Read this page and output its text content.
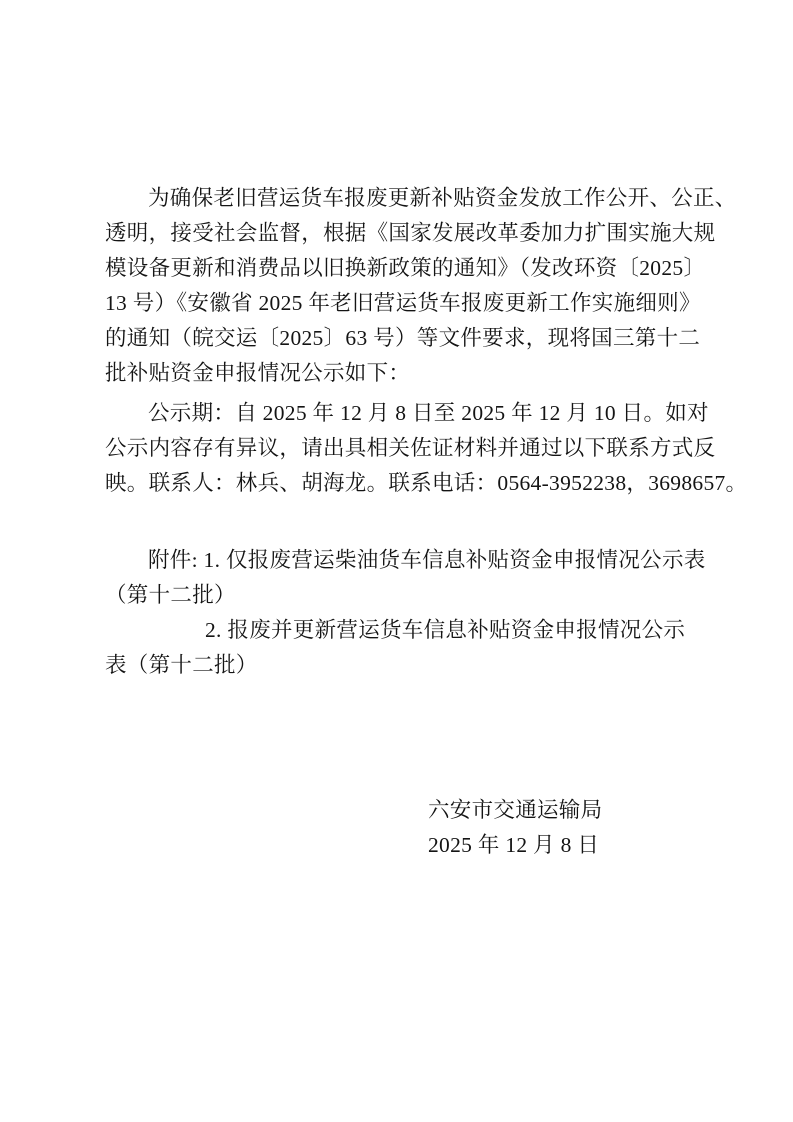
为确保老旧营运货车报废更新补贴资金发放工作公开、公正、
透明，接受社会监督，根据《国家发展改革委加力扩围实施大规
模设备更新和消费品以旧换新政策的通知》（发改环资〔2025〕
13 号）《安徽省 2025 年老旧营运货车报废更新工作实施细则》
的通知（皖交运〔2025〕63 号）等文件要求，现将国三第十二
批补贴资金申报情况公示如下：
公示期：自 2025 年 12 月 8 日至 2025 年 12 月 10 日。如对
公示内容存有异议，请出具相关佐证材料并通过以下联系方式反
映。联系人：林兵、胡海龙。联系电话：0564-3952238，3698657。
附件: 1. 仅报废营运柴油货车信息补贴资金申报情况公示表
（第十二批）
2. 报废并更新营运货车信息补贴资金申报情况公示
表（第十二批）
六安市交通运输局
2025 年 12 月 8 日
